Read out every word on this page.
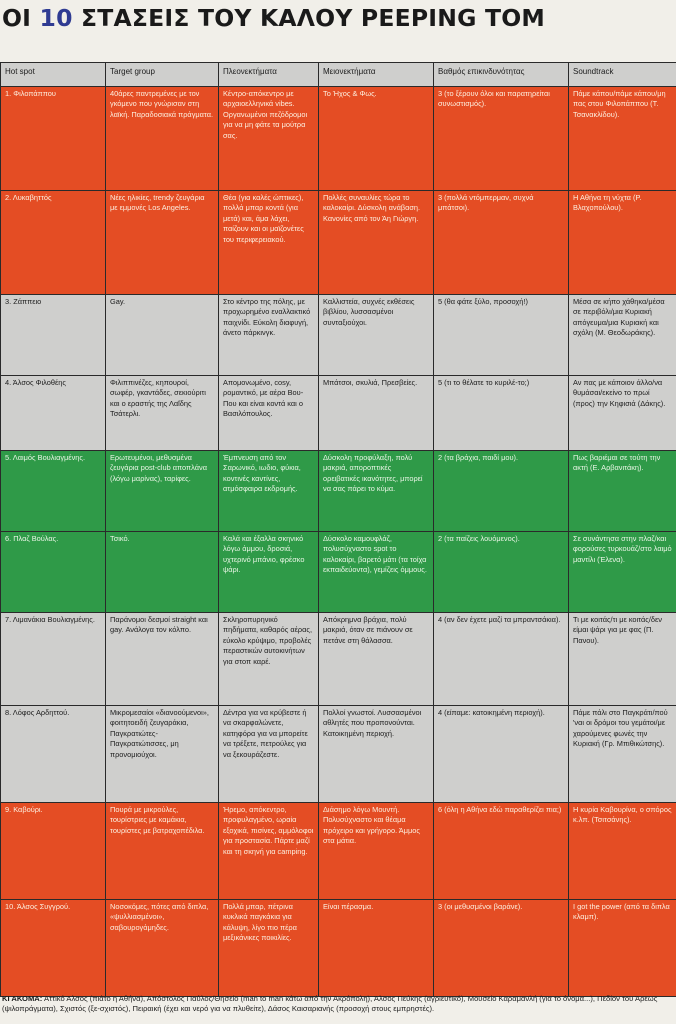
ΟΙ 10 ΣΤΑΣΕΙΣ ΤΟΥ ΚΑΛΟΥ PEEPING TOM
Hot spot	Target group	Πλεονεκτήματα	Μειονεκτήματα	Βαθμός επικινδυνότητας	Soundtrack
1. Φιλοπάππου	40άρες παντρεμένες με τον γκόμενο που γνώρισαν στη λαϊκή. Παραδοσιακά πράγματα.	Κέντρο-απόκεντρο με αρχαιοελληνικά vibes. Οργανωμένοι πεζόδρομοι για να μη φάτε τα μούτρα σας.	Το Ήχος & Φως.	3 (το ξέρουν όλοι και παρατηρείται συνωστισμός).	Πάμε κάπου/πάμε κάπου/μη πας στου Φιλοπάππου (Τ. Τσανακλίδου).
2. Λυκαβηττός	Νέες ηλικίες, trendy ζευγάρια με εμμονές Los Angeles.	Θέα (για καλές ώπτικες), πολλά μπαρ κοντά (για μετά) και, άμα λάχει, παίζουν και οι μαϊζονέτες του περιφερειακού.	Πολλές συναυλίες τώρα το καλοκαίρι. Δύσκολη ανάβαση. Κανονίες από τον Άη Γιώργη.	3 (πολλά ντόμπερμαν, συχνά μπάτσοι).	Η Αθήνα τη νύχτα (Ρ. Βλαχοπούλου).
3. Ζάππειο	Gay.	Στο κέντρο της πόλης, με προχωρημένο εναλλακτικό παιχνίδι. Εύκολη διαφυγή, άνετο πάρκινγκ.	Καλλιστεία, συχνές εκθέσεις βιβλίου, λυσσασμένοι συνταξιούχοι.	5 (θα φάτε ξύλο, προσοχή!)	Μέσα σε κήπο χάθηκα/μέσα σε περιβόλι/μια Κυριακή απόγευμα/μια Κυριακή και σχόλη (Μ. Θεοδωράκης).
4. Άλσος Φιλοθέης	Φιλιππινέζες, κηπουροί, σωφέρ, γκαντάδες, σεκιούριτι και ο εραστής της Λαΐδης Τσάτερλι.	Απομονωμένο, cosy, ρομαντικό, με αέρα Βου-Που και είναι κοντά και ο Βασιλόπουλος.	Μπάτσοι, σκυλιά, Πρεσβείες.	5 (τι το θέλατε το κυριλέ-το;)	Αν πας με κάποιον άλλο/να θυμάσαι/εκείνο το πρωί (προς) την Κηφισιά (Δάκης).
5. Λαιμός Βουλιαγμένης.	Ερωτευμένοι, μεθυσμένα ζευγάρια post-club αποπλάνα (λόγω μαρίνας), ταρίφες.	Έμπνευση από τον Σαρωνικό, ιωδιο, φύκια, κοντινές καντίνες, ατμόσφαιρα εκδρομής.	Δύσκολη προφύλαξη, πολύ μακριά, αποροπτικές ορειβατικές ικανότητες, μπορεί να σας πάρει το κύμα.	2 (τα βράχια, παιδί μου).	Πως βαριέμαι σε τούτη την ακτή (Ε. Αρβανιτάκη).
6. Πλαζ Βούλας.	Τσικό.	Καλά και έξαλλα σκηνικό λόγω άμμου, δροσιά, υχτερινό μπάνιο, φρέσκο ψάρι.	Δύσκολο καμουφλάζ, πολυσύχναστο spot το καλοκαίρι, βαρετό μάτι (τα τοίχα εκπαιδεύοντα), γεμίζεις όμμους.	2 (τα παίζεις λουόμενος).	Σε συνάντησα στην πλαζ/και φορούσες τυρκουάζ/στο λαιμό μαντίλι (Έλενα).
7. Λιμανάκια Βουλιαγμένης.	Παράνομοι δεσμοί straight και gay. Ανάλογα τον κόλπο.	Σκληροπυρηνικό πηδήματα, καθαρός αέρας, εύκολο κρύψιμο, προβολές περαστικών αυτοκινήτων για στοπ καρέ.	Απόκρημνα βράχια, πολύ μακριά, όταν σε πιάνουν σε πετάνε στη θάλασσα.	4 (αν δεν έχετε μαζί τα μπραντσάκια).	Τι με κοιτάς/τι με κοιτάς/δεν είμαι ψάρι για με φας (Π. Πανου).
8. Λόφος Αρδηττού.	Μικρομεσαίοι «διανοούμενοι», φοιτητοειδή ζευγαράκια, Παγκρατιώτες-Παγκρατιώτισσες, μη προνομιούχοι.	Δέντρα για να κρύβεστε ή να σκαρφαλώνετε, κατηφόρα για να μπορείτε να τρέξετε, πετρούλες για να ξεκουράζεστε.	Πολλοί γνωστοί. Λυσσασμένοι αθλητές που προπονούνται. Κατοικημένη περιοχή.	4 (είπαμε: κατοικημένη περιοχή).	Πάμε πάλι στο Παγκράτι/πού 'ναι οι δρόμοι του γεμάτοι/με χαρούμενες φωνές την Κυριακή (Γρ. Μπιθικώτσης).
9. Καβούρι.	Πουρά με μικρούλες, τουρίστριες με καμάκια, τουρίστες με βατραχοπέδιλα.	Ήρεμο, απόκεντρο, προφυλαγμένο, ωραία εξοχικά, πισίνες, αμμόλοφοι για προστασία. Πάρτε μαζί και τη σκηνή για camping.	Διάσημο λόγω Μουντή. Πολυσύχναστο και θέαμα πρόχειρο και γρήγορο. Άμμος στα μάτια.	6 (όλη η Αθήνα εδώ παραθερίζει πια;)	Η κυρία Καβουρίνα, ο σπόρος κ.λπ. (Τσιτσάνης).
10. Άλσος Συγγρού.	Νοσοκόμες, πότες από διπλα, «ψυλλιασμένοι», σαβουρογάμηδες.	Πολλά μπαρ, πέτρινα κυκλικά παγκάκια για κάλυψη, λίγο πιο πέρα μεξικάνικες ποικιλίες.	Είναι πέρασμα.	3 (οι μεθυσμένοι βαράνε).	I got the power (από τα διπλα κλαμπ).
ΚΙ ΑΚΟΜΑ: Αττικό Άλσος (πιάτο η Αθήνα), Απόστολος Παύλος/Θησείο (man to man κάτω από την Ακρόπολη), Άλσος Πεύκης (αγριευτικό), Μουσείο Καραμανλή (για το όνομα...), Πεδίον του Άρεως (ψιλοπράγματα), Σχιστός (ξε-σχιστός), Πειραική (έχει και νερό για να πλυθείτε), Δάσος Καισαριανής (προσοχή στους εμπρηστές).
